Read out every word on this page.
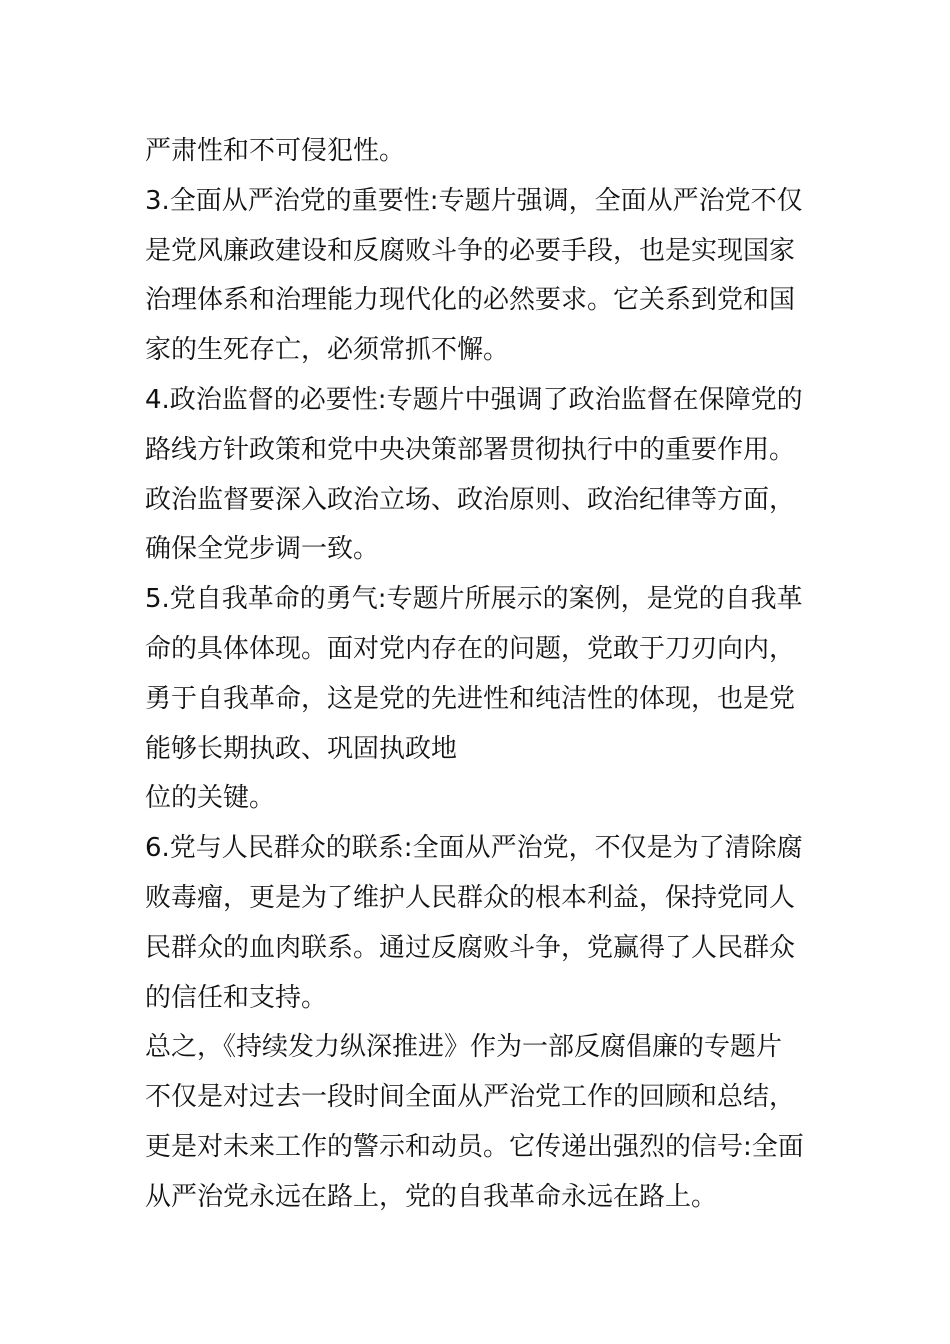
严肃性和不可侵犯性。
3.全面从严治党的重要性:专题片强调，全面从严治党不仅
是党风廉政建设和反腐败斗争的必要手段，也是实现国家
治理体系和治理能力现代化的必然要求。它关系到党和国
家的生死存亡，必须常抓不懈。
4.政治监督的必要性:专题片中强调了政治监督在保障党的
路线方针政策和党中央决策部署贯彻执行中的重要作用。
政治监督要深入政治立场、政治原则、政治纪律等方面，
确保全党步调一致。
5.党自我革命的勇气:专题片所展示的案例，是党的自我革
命的具体体现。面对党内存在的问题，党敢于刀刃向内，
勇于自我革命，这是党的先进性和纯洁性的体现，也是党
能够长期执政、巩固执政地
位的关键。
6.党与人民群众的联系:全面从严治党，不仅是为了清除腐
败毒瘤，更是为了维护人民群众的根本利益，保持党同人
民群众的血肉联系。通过反腐败斗争，党赢得了人民群众
的信任和支持。
总之，《持续发力纵深推进》作为一部反腐倡廉的专题片
不仅是对过去一段时间全面从严治党工作的回顾和总结，
更是对未来工作的警示和动员。它传递出强烈的信号:全面
从严治党永远在路上，党的自我革命永远在路上。
